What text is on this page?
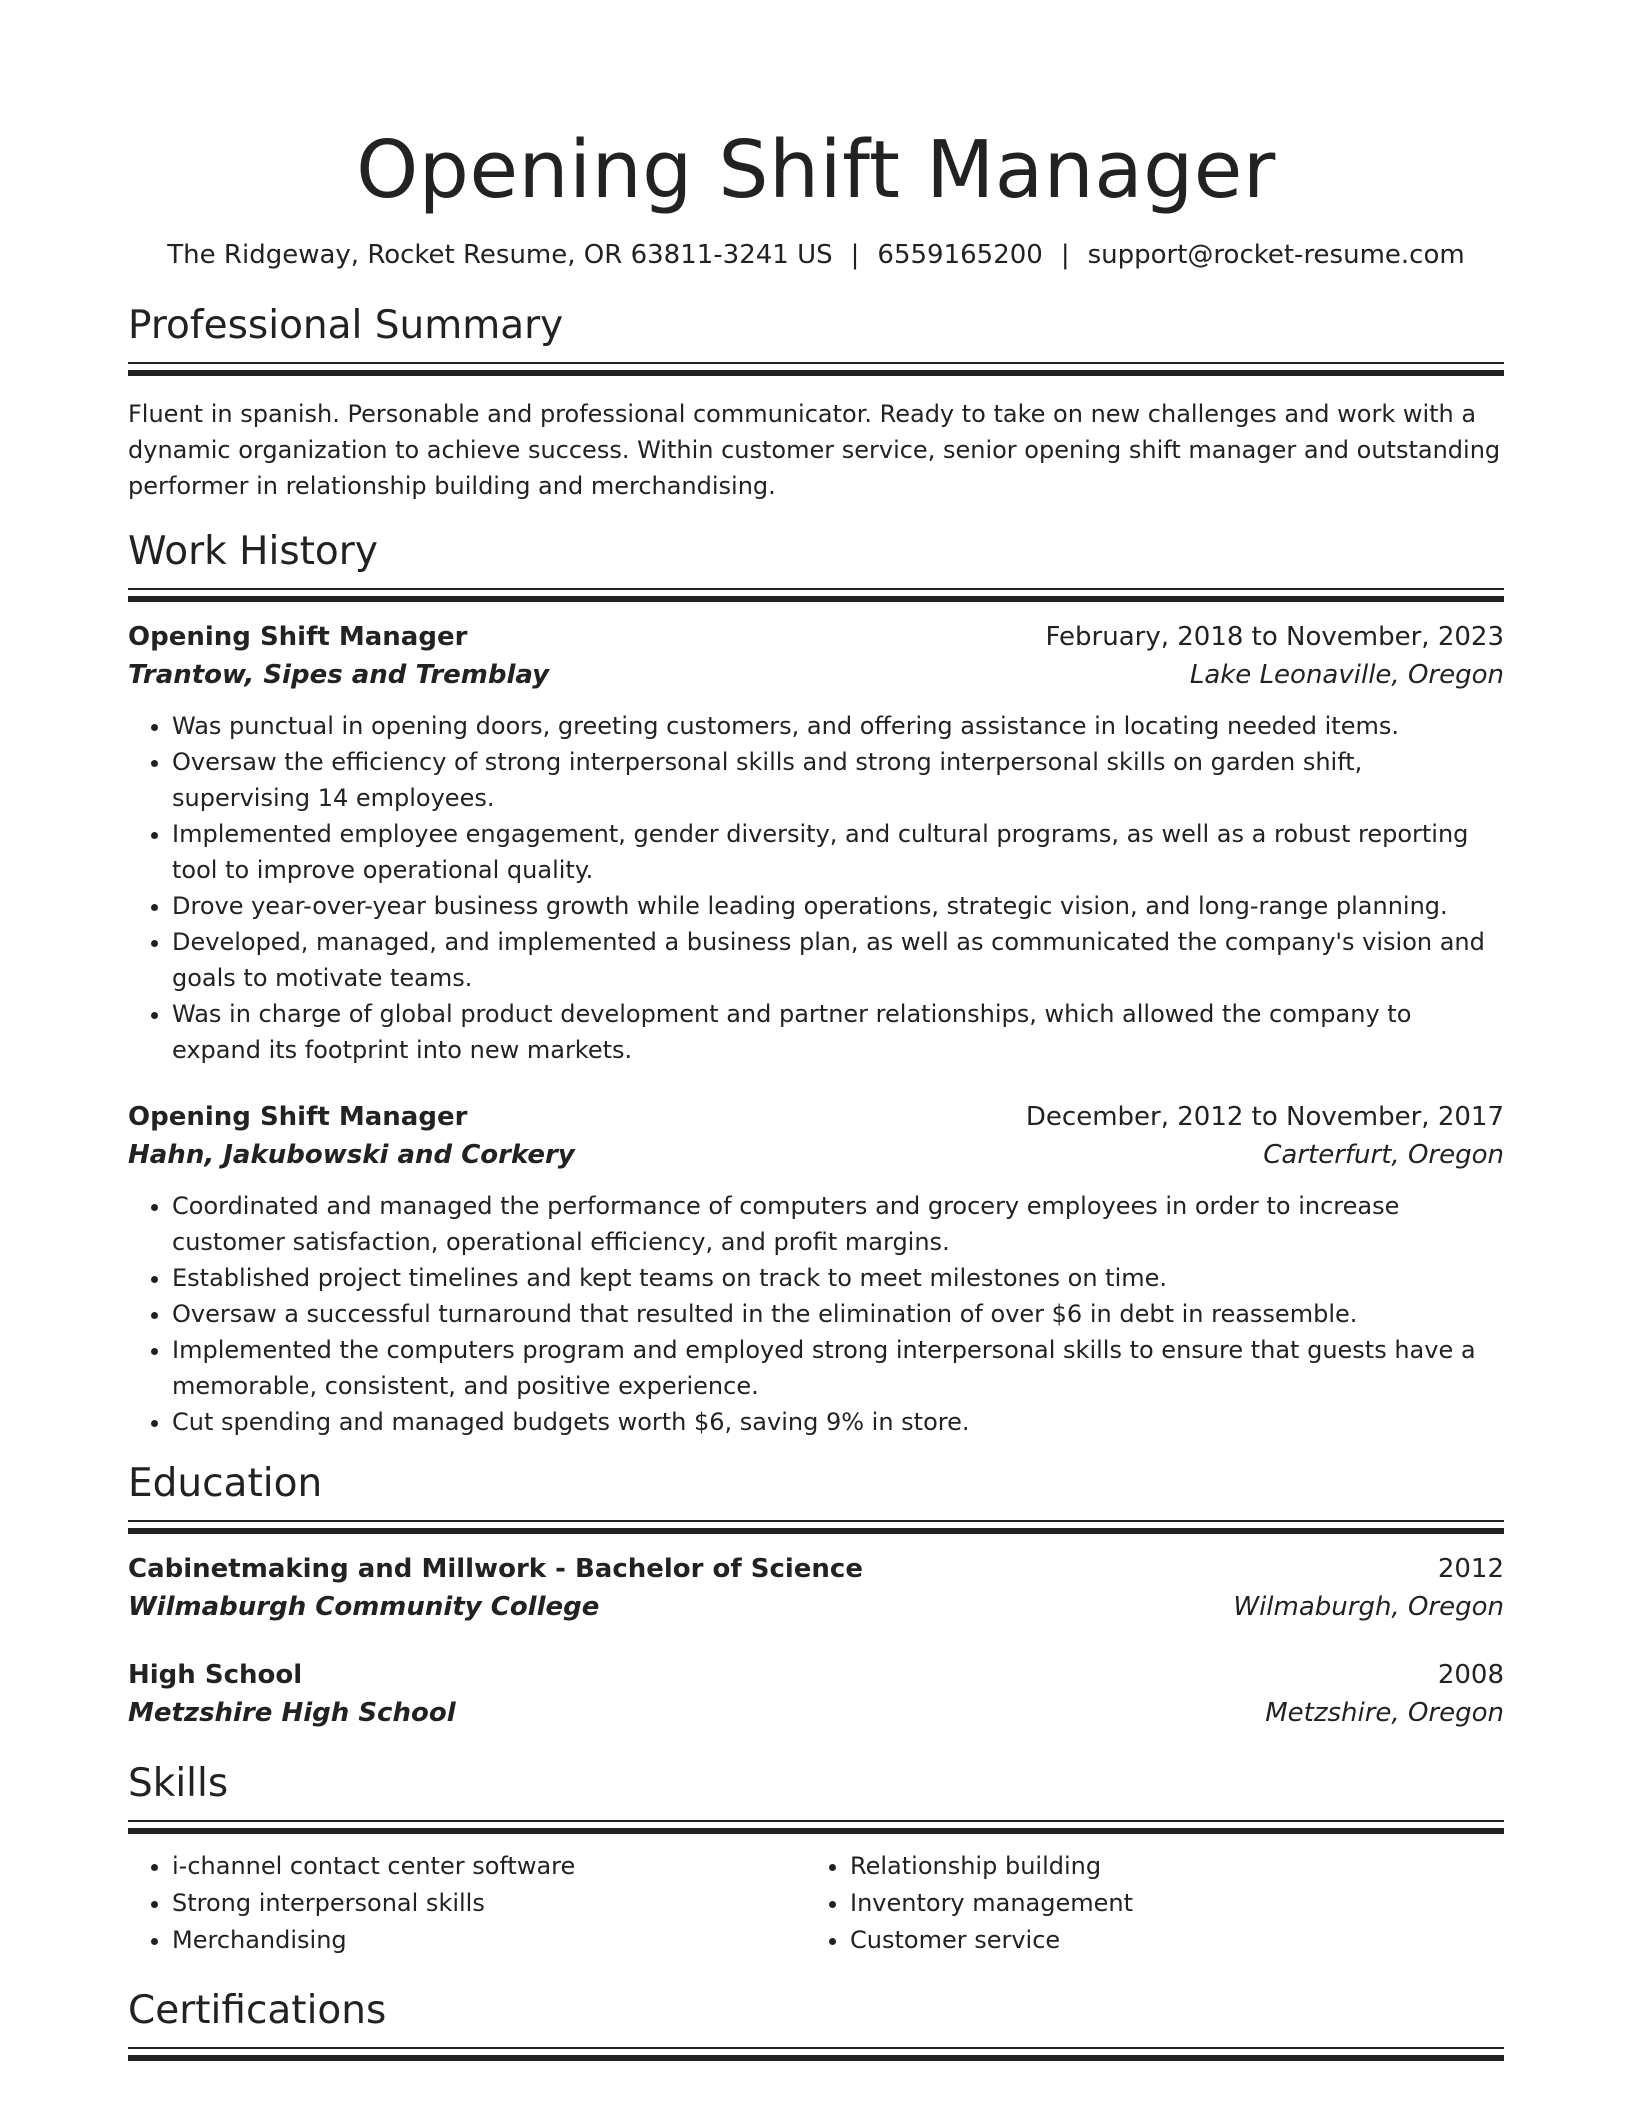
Opening Shift Manager
The Ridgeway, Rocket Resume, OR 63811-3241 US | 6559165200 | support@rocket-resume.com
Professional Summary

Fluent in spanish. Personable and professional communicator. Ready to take on new challenges and work with a dynamic organization to achieve success. Within customer service, senior opening shift manager and outstanding performer in relationship building and merchandising.

Work History
Opening Shift Manager	February, 2018 to November, 2023
Trantow, Sipes and Tremblay	Lake Leonaville, Oregon
• Was punctual in opening doors, greeting customers, and offering assistance in locating needed items.
• Oversaw the efficiency of strong interpersonal skills and strong interpersonal skills on garden shift, supervising 14 employees.
• Implemented employee engagement, gender diversity, and cultural programs, as well as a robust reporting tool to improve operational quality.
• Drove year-over-year business growth while leading operations, strategic vision, and long-range planning.
• Developed, managed, and implemented a business plan, as well as communicated the company's vision and goals to motivate teams.
• Was in charge of global product development and partner relationships, which allowed the company to expand its footprint into new markets.
Opening Shift Manager	December, 2012 to November, 2017
Hahn, Jakubowski and Corkery	Carterfurt, Oregon
• Coordinated and managed the performance of computers and grocery employees in order to increase customer satisfaction, operational efficiency, and profit margins.
• Established project timelines and kept teams on track to meet milestones on time.
• Oversaw a successful turnaround that resulted in the elimination of over $6 in debt in reassemble.
• Implemented the computers program and employed strong interpersonal skills to ensure that guests have a memorable, consistent, and positive experience.
• Cut spending and managed budgets worth $6, saving 9% in store.
Education
Cabinetmaking and Millwork - Bachelor of Science	2012
Wilmaburgh Community College	Wilmaburgh, Oregon
High School	2008
Metzshire High School	Metzshire, Oregon
Skills
• i-channel contact center software
• Strong interpersonal skills
• Merchandising
• Relationship building
• Inventory management
• Customer service
Certifications
